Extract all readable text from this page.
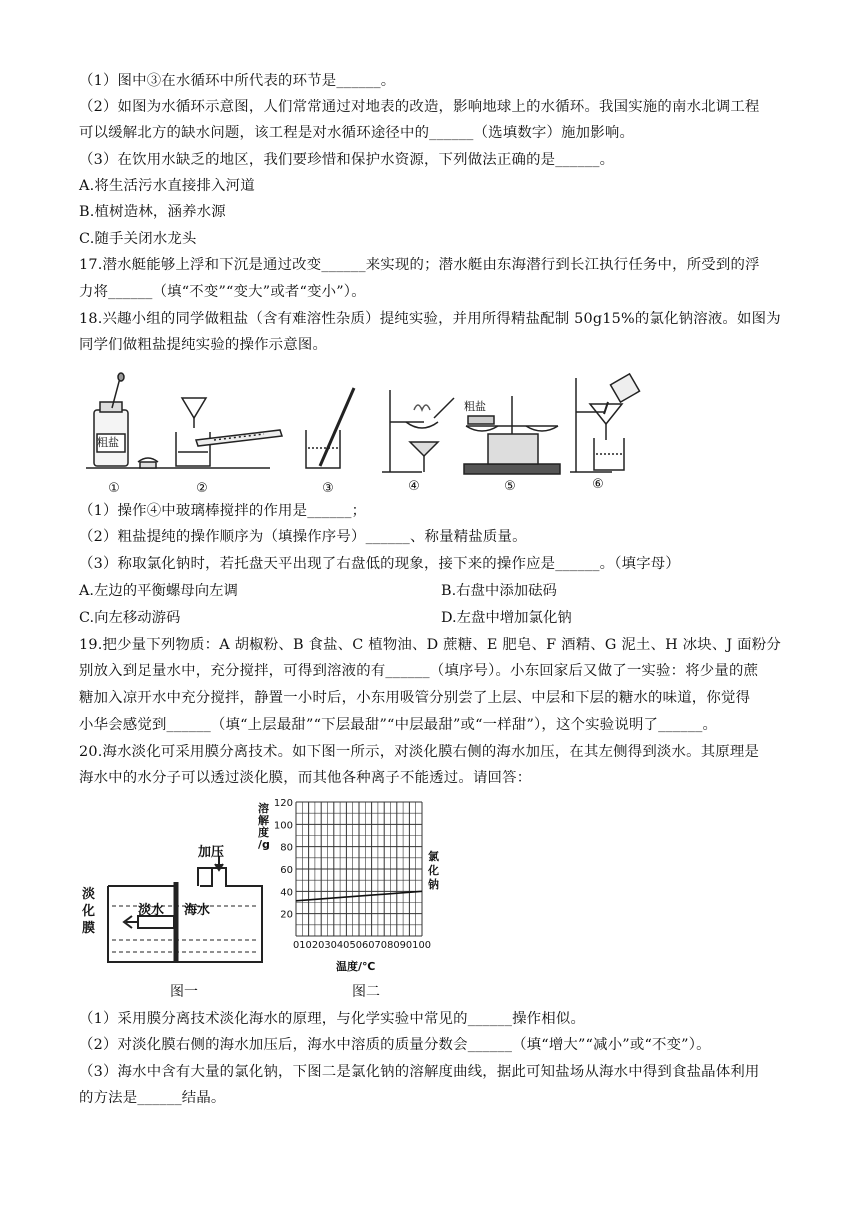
（1）图中③在水循环中所代表的环节是______。
（2）如图为水循环示意图，人们常常通过对地表的改造，影响地球上的水循环。我国实施的南水北调工程
可以缓解北方的缺水问题，该工程是对水循环途径中的______（选填数字）施加影响。
（3）在饮用水缺乏的地区，我们要珍惜和保护水资源，下列做法正确的是______。
A.将生活污水直接排入河道
B.植树造林，涵养水源
C.随手关闭水龙头
17.潜水艇能够上浮和下沉是通过改变______来实现的；潜水艇由东海潜行到长江执行任务中，所受到的浮
力将______（填“不变”“变大”或者“变小”）。
18.兴趣小组的同学做粗盐（含有难溶性杂质）提纯实验，并用所得精盐配制 50g15%的氯化钠溶液。如图为
同学们做粗盐提纯实验的操作示意图。
粗盐
粗盐
①	②	③	④	⑤	⑥
（1）操作④中玻璃棒搅拌的作用是______；
（2）粗盐提纯的操作顺序为（填操作序号）______、称量精盐质量。
（3）称取氯化钠时，若托盘天平出现了右盘低的现象，接下来的操作应是______。（填字母）
A.左边的平衡螺母向左调	B.右盘中添加砝码
C.向左移动游码	D.左盘中增加氯化钠
19.把少量下列物质：A 胡椒粉、B 食盐、C 植物油、D 蔗糖、E 肥皂、F 酒精、G 泥土、H 冰块、J 面粉分
别放入到足量水中，充分搅拌，可得到溶液的有______（填序号）。小东回家后又做了一实验：将少量的蔗
糖加入凉开水中充分搅拌，静置一小时后，小东用吸管分别尝了上层、中层和下层的糖水的味道，你觉得
小华会感觉到______（填“上层最甜”“下层最甜”“中层最甜”或“一样甜”），这个实验说明了______。
20.海水淡化可采用膜分离技术。如下图一所示，对淡化膜右侧的海水加压，在其左侧得到淡水。其原理是
海水中的水分子可以透过淡化膜，而其他各种离子不能透过。请回答：
加压
淡水 海水
淡化膜
图一
20
40
60
80
100
120
0102030405060708090100
溶解度/g
氯化钠
温度/℃
图二
（1）采用膜分离技术淡化海水的原理，与化学实验中常见的______操作相似。
（2）对淡化膜右侧的海水加压后，海水中溶质的质量分数会______（填“增大”“减小”或“不变”）。
（3）海水中含有大量的氯化钠，下图二是氯化钠的溶解度曲线，据此可知盐场从海水中得到食盐晶体利用
的方法是______结晶。
